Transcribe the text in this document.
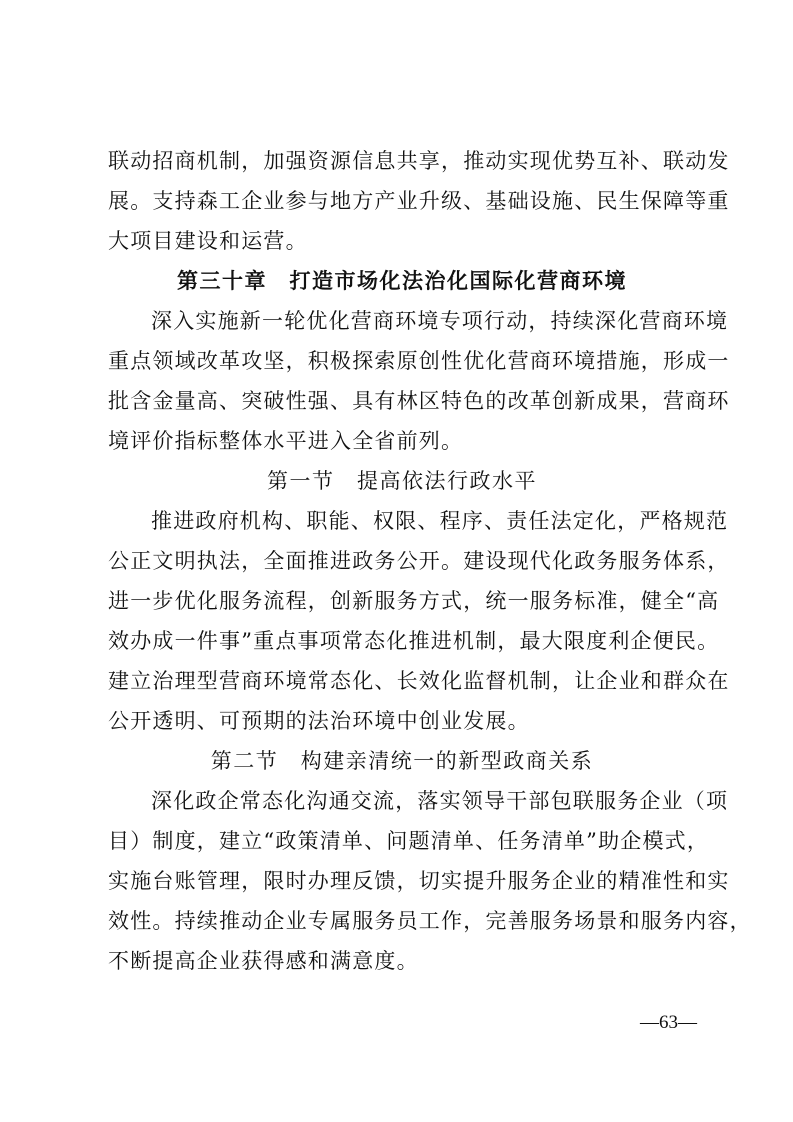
联动招商机制，加强资源信息共享，推动实现优势互补、联动发
展。支持森工企业参与地方产业升级、基础设施、民生保障等重
大项目建设和运营。
第三十章　打造市场化法治化国际化营商环境
深入实施新一轮优化营商环境专项行动，持续深化营商环境
重点领域改革攻坚，积极探索原创性优化营商环境措施，形成一
批含金量高、突破性强、具有林区特色的改革创新成果，营商环
境评价指标整体水平进入全省前列。
第一节　提高依法行政水平
推进政府机构、职能、权限、程序、责任法定化，严格规范
公正文明执法，全面推进政务公开。建设现代化政务服务体系，
进一步优化服务流程，创新服务方式，统一服务标准，健全“高
效办成一件事”重点事项常态化推进机制，最大限度利企便民。
建立治理型营商环境常态化、长效化监督机制，让企业和群众在
公开透明、可预期的法治环境中创业发展。
第二节　构建亲清统一的新型政商关系
深化政企常态化沟通交流，落实领导干部包联服务企业（项
目）制度，建立“政策清单、问题清单、任务清单”助企模式，
实施台账管理，限时办理反馈，切实提升服务企业的精准性和实
效性。持续推动企业专属服务员工作，完善服务场景和服务内容，
不断提高企业获得感和满意度。
—63—
